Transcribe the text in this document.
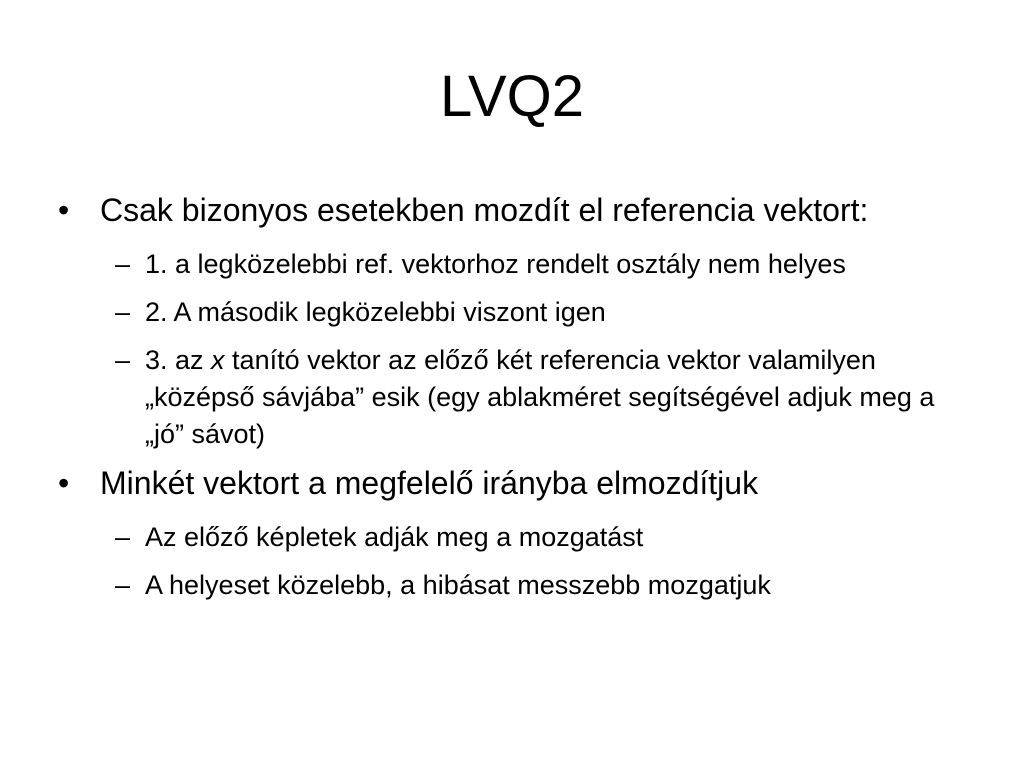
LVQ2
• Csak bizonyos esetekben mozdít el referencia vektort:
– 1. a legközelebbi ref. vektorhoz rendelt osztály nem helyes
– 2. A második legközelebbi viszont igen
– 3. az x tanító vektor az előző két referencia vektor valamilyen „középső sávjába” esik (egy ablakméret segítségével adjuk meg a „jó” sávot)
• Minkét vektort a megfelelő irányba elmozdítjuk
– Az előző képletek adják meg a mozgatást
– A helyeset közelebb, a hibásat messzebb mozgatjuk
